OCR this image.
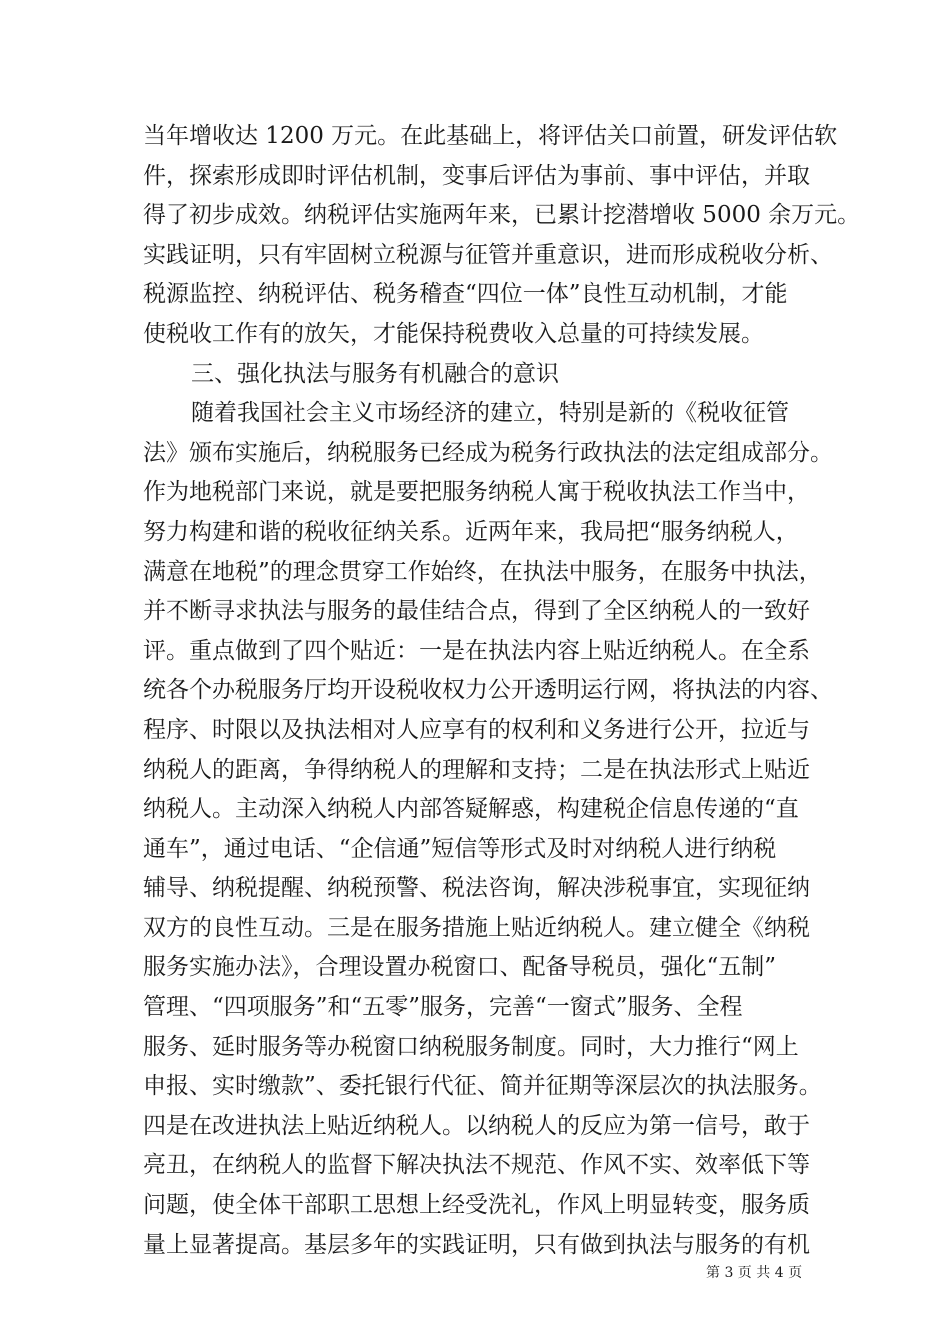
当年增收达 1200 万元。在此基础上，将评估关口前置，研发评估软
件，探索形成即时评估机制，变事后评估为事前、事中评估，并取
得了初步成效。纳税评估实施两年来，已累计挖潜增收 5000 余万元。
实践证明，只有牢固树立税源与征管并重意识，进而形成税收分析、
税源监控、纳税评估、税务稽查“四位一体”良性互动机制，才能
使税收工作有的放矢，才能保持税费收入总量的可持续发展。
三、强化执法与服务有机融合的意识
随着我国社会主义市场经济的建立，特别是新的《税收征管
法》颁布实施后，纳税服务已经成为税务行政执法的法定组成部分。
作为地税部门来说，就是要把服务纳税人寓于税收执法工作当中，
努力构建和谐的税收征纳关系。近两年来，我局把“服务纳税人，
满意在地税”的理念贯穿工作始终，在执法中服务，在服务中执法，
并不断寻求执法与服务的最佳结合点，得到了全区纳税人的一致好
评。重点做到了四个贴近：一是在执法内容上贴近纳税人。在全系
统各个办税服务厅均开设税收权力公开透明运行网，将执法的内容、
程序、时限以及执法相对人应享有的权利和义务进行公开，拉近与
纳税人的距离，争得纳税人的理解和支持；二是在执法形式上贴近
纳税人。主动深入纳税人内部答疑解惑，构建税企信息传递的“直
通车”，通过电话、“企信通”短信等形式及时对纳税人进行纳税
辅导、纳税提醒、纳税预警、税法咨询，解决涉税事宜，实现征纳
双方的良性互动。三是在服务措施上贴近纳税人。建立健全《纳税
服务实施办法》，合理设置办税窗口、配备导税员，强化“五制”
管理、“四项服务”和“五零”服务，完善“一窗式”服务、全程
服务、延时服务等办税窗口纳税服务制度。同时，大力推行“网上
申报、实时缴款”、委托银行代征、简并征期等深层次的执法服务。
四是在改进执法上贴近纳税人。以纳税人的反应为第一信号，敢于
亮丑，在纳税人的监督下解决执法不规范、作风不实、效率低下等
问题，使全体干部职工思想上经受洗礼，作风上明显转变，服务质
量上显著提高。基层多年的实践证明，只有做到执法与服务的有机
第 3 页 共 4 页
